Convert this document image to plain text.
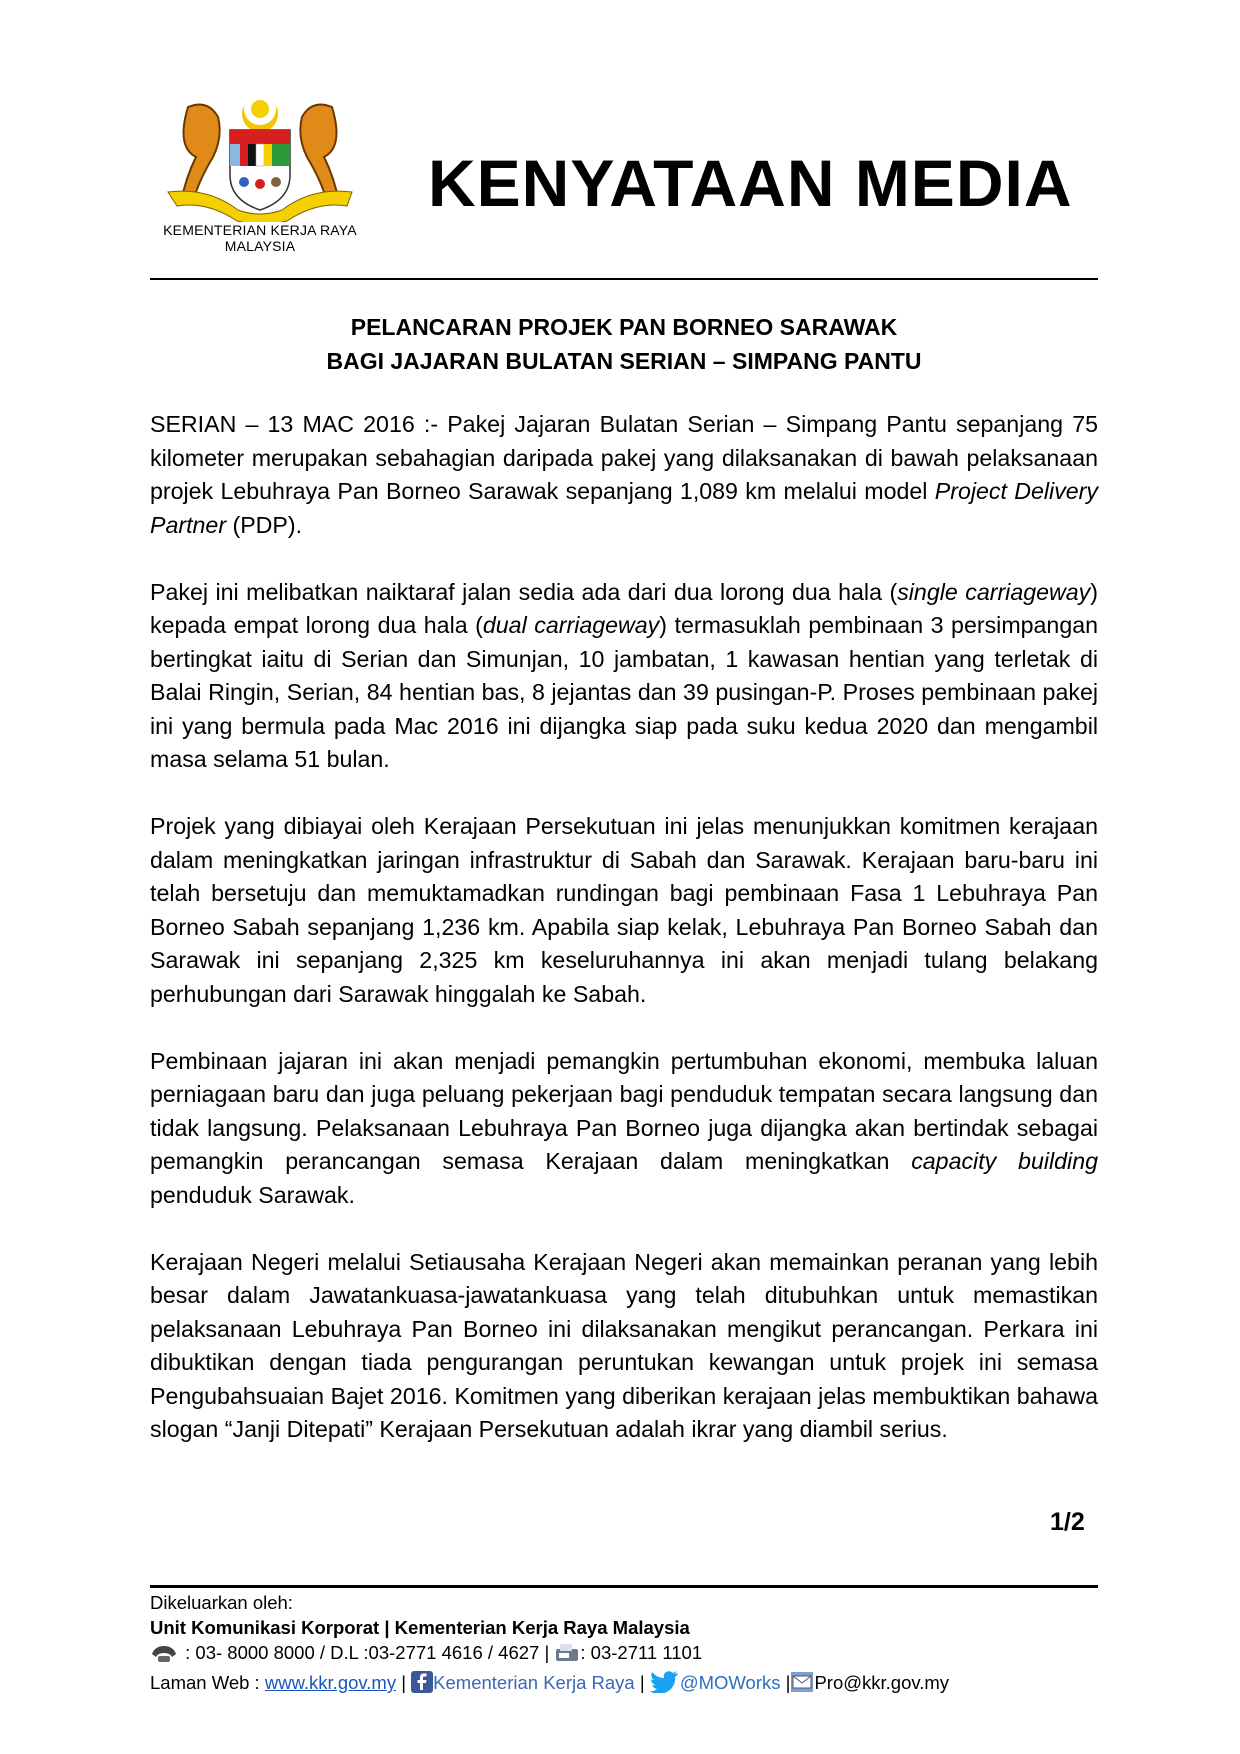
KEMENTERIAN KERJA RAYA
MALAYSIA
KENYATAAN MEDIA
PELANCARAN PROJEK PAN BORNEO SARAWAK
BAGI JAJARAN BULATAN SERIAN – SIMPANG PANTU

SERIAN – 13 MAC 2016 :- Pakej Jajaran Bulatan Serian – Simpang Pantu sepanjang 75 kilometer merupakan sebahagian daripada pakej yang dilaksanakan di bawah pelaksanaan projek Lebuhraya Pan Borneo Sarawak sepanjang 1,089 km melalui model Project Delivery Partner (PDP).

Pakej ini melibatkan naiktaraf jalan sedia ada dari dua lorong dua hala (single carriageway) kepada empat lorong dua hala (dual carriageway) termasuklah pembinaan 3 persimpangan bertingkat iaitu di Serian dan Simunjan, 10 jambatan, 1 kawasan hentian yang terletak di Balai Ringin, Serian, 84 hentian bas, 8 jejantas dan 39 pusingan-P. Proses pembinaan pakej ini yang bermula pada Mac 2016 ini dijangka siap pada suku kedua 2020 dan mengambil masa selama 51 bulan.

Projek yang dibiayai oleh Kerajaan Persekutuan ini jelas menunjukkan komitmen kerajaan dalam meningkatkan jaringan infrastruktur di Sabah dan Sarawak. Kerajaan baru-baru ini telah bersetuju dan memuktamadkan rundingan bagi pembinaan Fasa 1 Lebuhraya Pan Borneo Sabah sepanjang 1,236 km. Apabila siap kelak, Lebuhraya Pan Borneo Sabah dan Sarawak ini sepanjang 2,325 km keseluruhannya ini akan menjadi tulang belakang perhubungan dari Sarawak hinggalah ke Sabah.

Pembinaan jajaran ini akan menjadi pemangkin pertumbuhan ekonomi, membuka laluan perniagaan baru dan juga peluang pekerjaan bagi penduduk tempatan secara langsung dan tidak langsung. Pelaksanaan Lebuhraya Pan Borneo juga dijangka akan bertindak sebagai pemangkin perancangan semasa Kerajaan dalam meningkatkan capacity building penduduk Sarawak.

Kerajaan Negeri melalui Setiausaha Kerajaan Negeri akan memainkan peranan yang lebih besar dalam Jawatankuasa-jawatankuasa yang telah ditubuhkan untuk memastikan pelaksanaan Lebuhraya Pan Borneo ini dilaksanakan mengikut perancangan. Perkara ini dibuktikan dengan tiada pengurangan peruntukan kewangan untuk projek ini semasa Pengubahsuaian Bajet 2016. Komitmen yang diberikan kerajaan jelas membuktikan bahawa slogan “Janji Ditepati” Kerajaan Persekutuan adalah ikrar yang diambil serius.

1/2
Dikeluarkan oleh:
Unit Komunikasi Korporat | Kementerian Kerja Raya Malaysia
: 03- 8000 8000 / D.L :03-2771 4616 / 4627 | : 03-2711 1101
Laman Web : www.kkr.gov.my | Kementerian Kerja Raya | @MOWorks | Pro@kkr.gov.my
